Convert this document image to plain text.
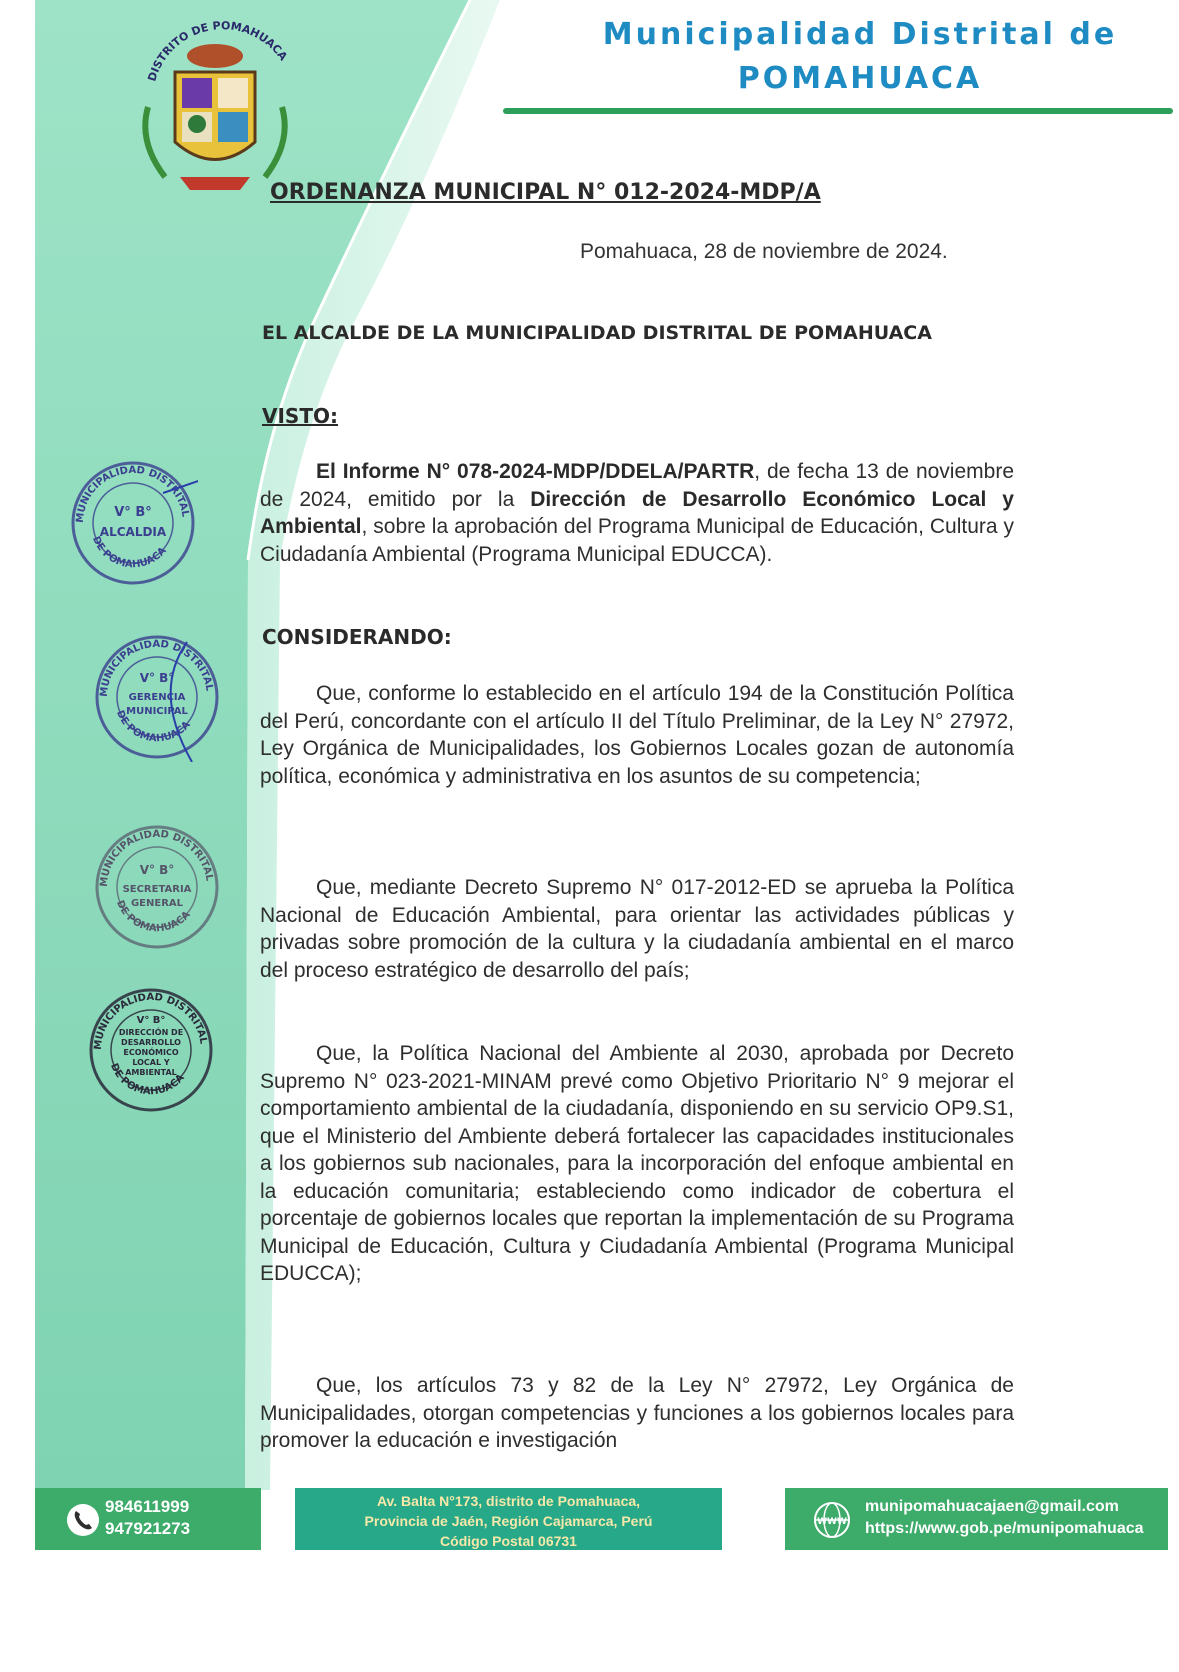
DISTRITO DE POMAHUACA
Municipalidad Distrital de
POMAHUACA
ORDENANZA MUNICIPAL N° 012-2024-MDP/A
Pomahuaca, 28 de noviembre de 2024.
EL ALCALDE DE LA MUNICIPALIDAD DISTRITAL DE POMAHUACA
VISTO:
El Informe N° 078-2024-MDP/DDELA/PARTR, de fecha 13 de noviembre de 2024, emitido por la Dirección de Desarrollo Económico Local y Ambiental, sobre la aprobación del Programa Municipal de Educación, Cultura y Ciudadanía Ambiental (Programa Municipal EDUCCA).
CONSIDERANDO:
Que, conforme lo establecido en el artículo 194 de la Constitución Política del Perú, concordante con el artículo II del Título Preliminar, de la Ley N° 27972, Ley Orgánica de Municipalidades, los Gobiernos Locales gozan de autonomía política, económica y administrativa en los asuntos de su competencia;
Que, mediante Decreto Supremo N° 017-2012-ED se aprueba la Política Nacional de Educación Ambiental, para orientar las actividades públicas y privadas sobre promoción de la cultura y la ciudadanía ambiental en el marco del proceso estratégico de desarrollo del país;
Que, la Política Nacional del Ambiente al 2030, aprobada por Decreto Supremo N° 023-2021-MINAM prevé como Objetivo Prioritario N° 9 mejorar el comportamiento ambiental de la ciudadanía, disponiendo en su servicio OP9.S1, que el Ministerio del Ambiente deberá fortalecer las capacidades institucionales a los gobiernos sub nacionales, para la incorporación del enfoque ambiental en la educación comunitaria; estableciendo como indicador de cobertura el porcentaje de gobiernos locales que reportan la implementación de su Programa Municipal de Educación, Cultura y Ciudadanía Ambiental (Programa Municipal EDUCCA);
Que, los artículos 73 y 82 de la Ley N° 27972, Ley Orgánica de Municipalidades, otorgan competencias y funciones a los gobiernos locales para promover la educación e investigación
MUNICIPALIDAD DISTRITAL
DE POMAHUACA
V° B°
ALCALDIA
MUNICIPALIDAD DISTRITAL
DE POMAHUACA
V° B°
GERENCIA
MUNICIPAL
MUNICIPALIDAD DISTRITAL
DE POMAHUACA
V° B°
SECRETARIA
GENERAL
MUNICIPALIDAD DISTRITAL
DE POMAHUACA
V° B°
DIRECCIÓN DE
DESARROLLO
ECONÓMICO
LOCAL Y
AMBIENTAL
984611999
947921273
Av. Balta N°173, distrito de Pomahuaca,
Provincia de Jaén, Región Cajamarca, Perú
Código Postal 06731
WWW
munipomahuacajaen@gmail.com
https://www.gob.pe/munipomahuaca
